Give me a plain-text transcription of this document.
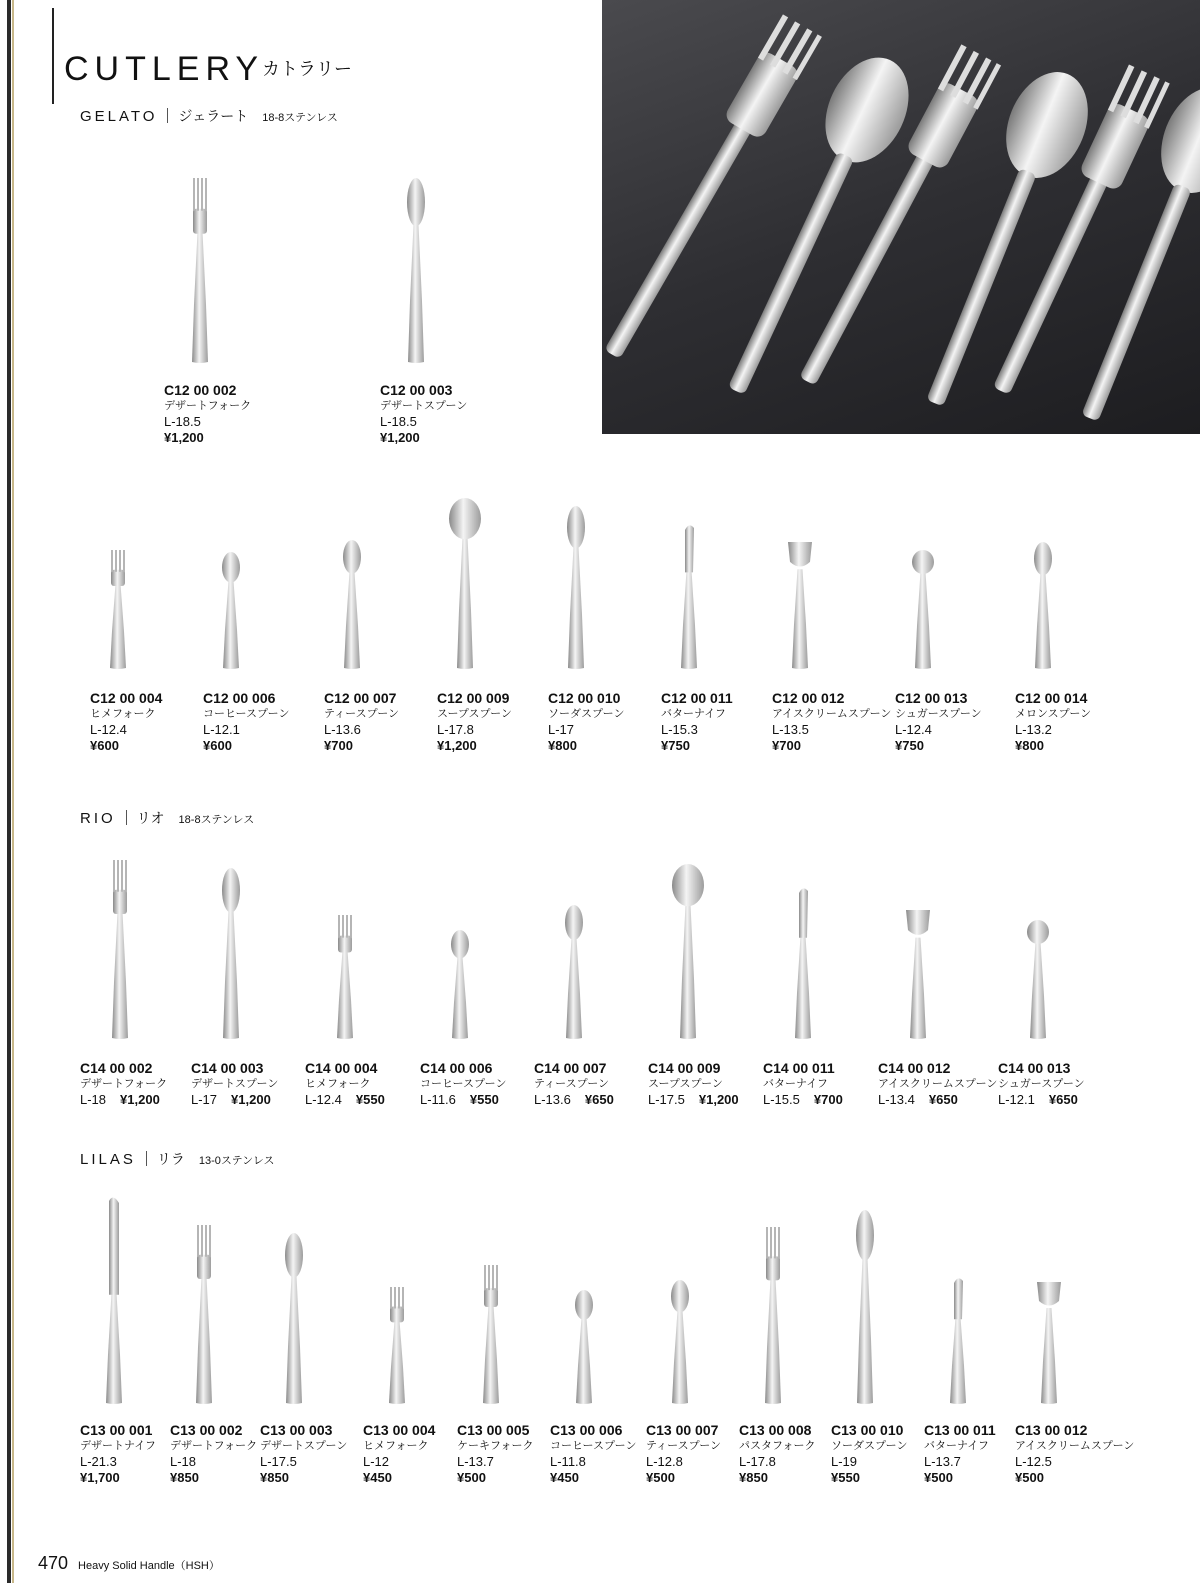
CUTLERY
カトラリー
GELATO ジェラート 18-8ステンレス
RIO リオ 18-8ステンレス
LILAS リラ 13-0ステンレス
470 Heavy Solid Handle（HSH）
C12 00 002
デザートフォーク
L-18.5
¥1,200
C12 00 003
デザートスプーン
L-18.5
¥1,200
C12 00 004
ヒメフォーク
L-12.4
¥600
C12 00 006
コーヒースプーン
L-12.1
¥600
C12 00 007
ティースプーン
L-13.6
¥700
C12 00 009
スープスプーン
L-17.8
¥1,200
C12 00 010
ソーダスプーン
L-17
¥800
C12 00 011
バターナイフ
L-15.3
¥750
C12 00 012
アイスクリームスプーン
L-13.5
¥700
C12 00 013
シュガースプーン
L-12.4
¥750
C12 00 014
メロンスプーン
L-13.2
¥800
C14 00 002
デザートフォーク
L-18 ¥1,200
C14 00 003
デザートスプーン
L-17 ¥1,200
C14 00 004
ヒメフォーク
L-12.4 ¥550
C14 00 006
コーヒースプーン
L-11.6 ¥550
C14 00 007
ティースプーン
L-13.6 ¥650
C14 00 009
スープスプーン
L-17.5 ¥1,200
C14 00 011
バターナイフ
L-15.5 ¥700
C14 00 012
アイスクリームスプーン
L-13.4 ¥650
C14 00 013
シュガースプーン
L-12.1 ¥650
C13 00 001
デザートナイフ
L-21.3
¥1,700
C13 00 002
デザートフォーク
L-18
¥850
C13 00 003
デザートスプーン
L-17.5
¥850
C13 00 004
ヒメフォーク
L-12
¥450
C13 00 005
ケーキフォーク
L-13.7
¥500
C13 00 006
コーヒースプーン
L-11.8
¥450
C13 00 007
ティースプーン
L-12.8
¥500
C13 00 008
パスタフォーク
L-17.8
¥850
C13 00 010
ソーダスプーン
L-19
¥550
C13 00 011
バターナイフ
L-13.7
¥500
C13 00 012
アイスクリームスプーン
L-12.5
¥500
